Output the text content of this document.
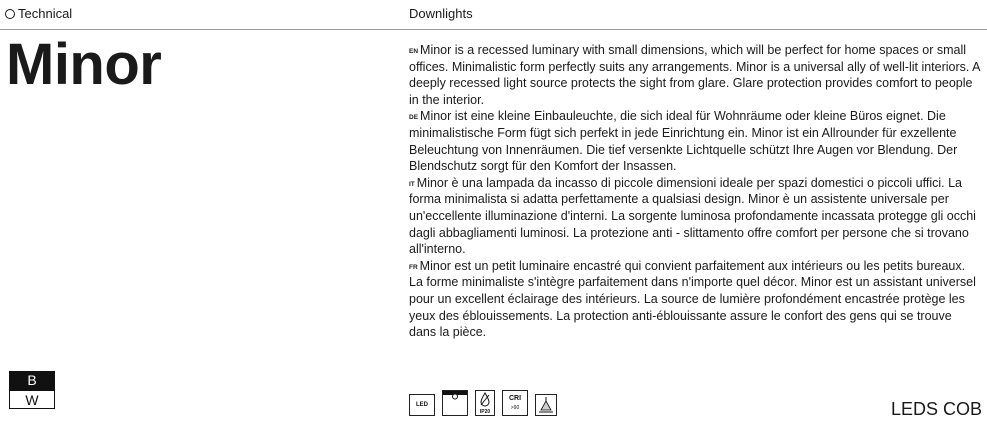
Technical	Downlights
Minor	$^{EN}$ Minor is a recessed luminary with small dimensions, which will be perfect for home spaces or small offices. Minimalistic form perfectly suits any arrangements. Minor is a universal ally of well-lit interiors. A deeply recessed light source protects the sight from glare. Glare protection provides comfort to people in the interior.

$^{DE}$ Minor ist eine kleine Einbauleuchte, die sich ideal für Wohnräume oder kleine Büros eignet. Die minimalistische Form fügt sich perfekt in jede Einrichtung ein. Minor ist ein Allrounder für exzellente Beleuchtung von Innenräumen. Die tief versenkte Lichtquelle schützt Ihre Augen vor Blendung. Der Blendschutz sorgt für den Komfort der Insassen.

$^{IT}$ Minor è una lampada da incasso di piccole dimensioni ideale per spazi domestici o piccoli uffici. La forma minimalista si adatta perfettamente a qualsiasi design. Minor è un assistente universale per un'eccellente illuminazione d'interni. La sorgente luminosa profondamente incassata protegge gli occhi dagli abbagliamenti luminosi. La protezione anti - slittamento offre comfort per persone che si trovano all'interno.

$^{FR}$ Minor est un petit luminaire encastré qui convient parfaitement aux intérieurs ou les petits bureaux. La forme minimaliste s'intègre parfaitement dans n'importe quel décor. Minor est un assistant universel pour un excellent éclairage des intérieurs. La source de lumière profondément encastrée protège les yeux des éblouissements. La protection anti-éblouissante assure le confort des gens qui se trouve dans la pièce.

B
W	LED
IP20
CRI
>90	LEDS COB
